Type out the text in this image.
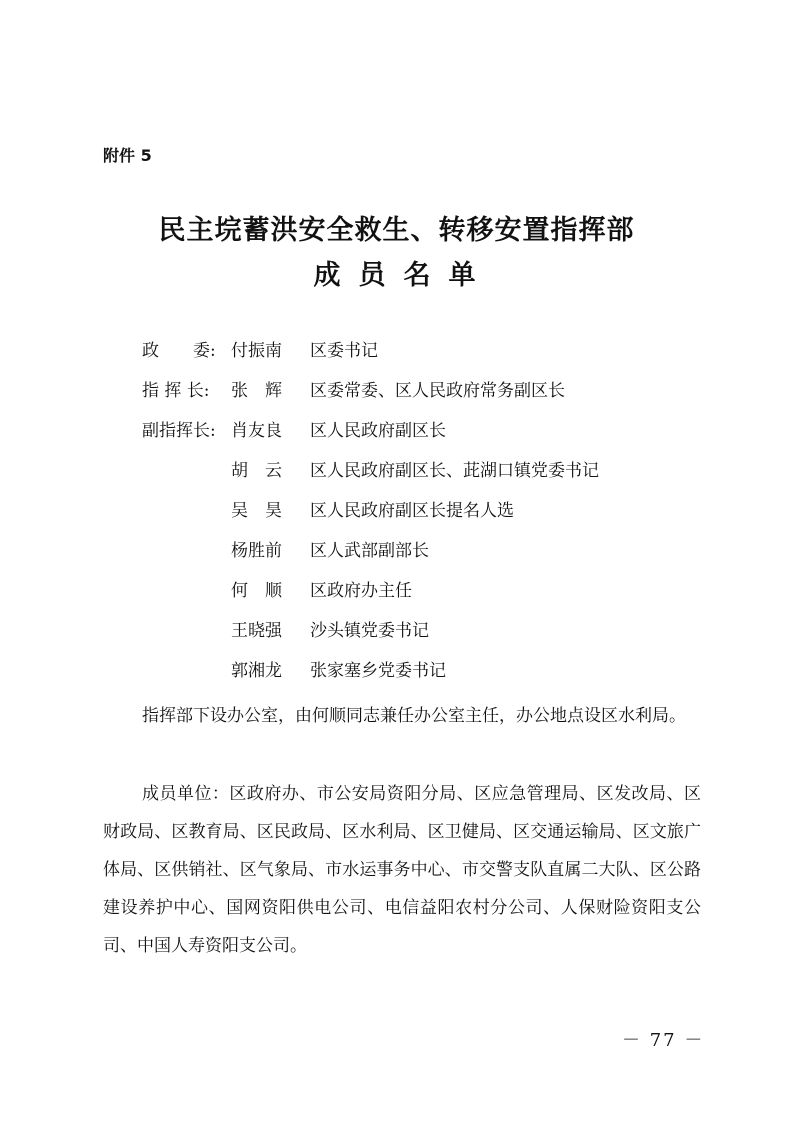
附件 5
民主垸蓄洪安全救生、转移安置指挥部
成员名单
政　　委: 付振南	区委书记
指 挥 长:	张　辉	区委常委、区人民政府常务副区长
副指挥长: 肖友良	区人民政府副区长
胡　云	区人民政府副区长、茈湖口镇党委书记
吴　昊	区人民政府副区长提名人选
杨胜前	区人武部副部长
何　顺	区政府办主任
王晓强	沙头镇党委书记
郭湘龙	张家塞乡党委书记

指挥部下设办公室，由何顺同志兼任办公室主任，办公地点设区水利局。

成员单位：区政府办、市公安局资阳分局、区应急管理局、区发改局、区财政局、区教育局、区民政局、区水利局、区卫健局、区交通运输局、区文旅广体局、区供销社、区气象局、市水运事务中心、市交警支队直属二大队、区公路建设养护中心、国网资阳供电公司、电信益阳农村分公司、人保财险资阳支公司、中国人寿资阳支公司。

－ 77 －
